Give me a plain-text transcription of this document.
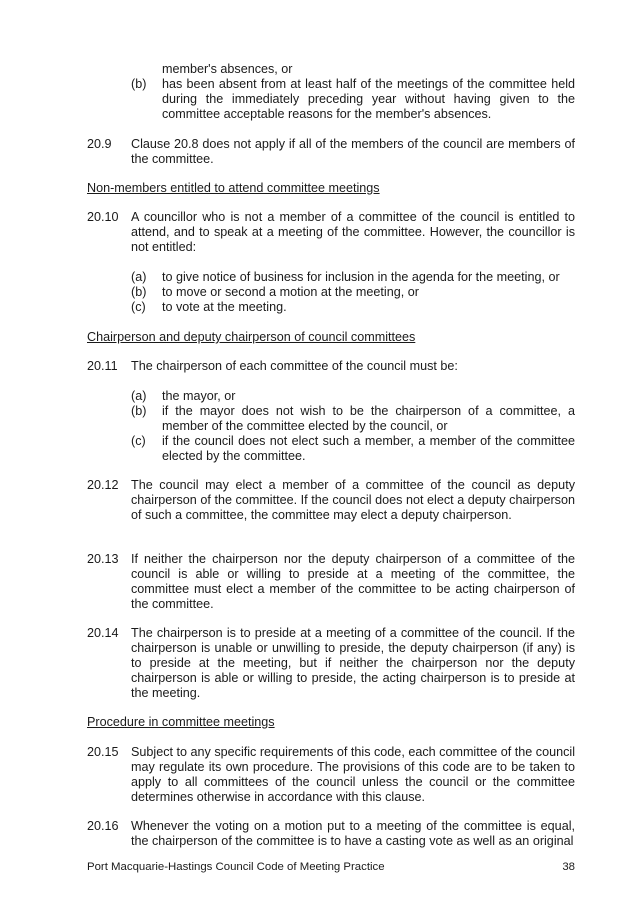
member's absences, or
(b) has been absent from at least half of the meetings of the committee held during the immediately preceding year without having given to the committee acceptable reasons for the member's absences.
20.9 Clause 20.8 does not apply if all of the members of the council are members of the committee.
Non-members entitled to attend committee meetings
20.10 A councillor who is not a member of a committee of the council is entitled to attend, and to speak at a meeting of the committee. However, the councillor is not entitled:
(a) to give notice of business for inclusion in the agenda for the meeting, or
(b) to move or second a motion at the meeting, or
(c) to vote at the meeting.
Chairperson and deputy chairperson of council committees
20.11 The chairperson of each committee of the council must be:
(a) the mayor, or
(b) if the mayor does not wish to be the chairperson of a committee, a member of the committee elected by the council, or
(c) if the council does not elect such a member, a member of the committee elected by the committee.
20.12 The council may elect a member of a committee of the council as deputy chairperson of the committee. If the council does not elect a deputy chairperson of such a committee, the committee may elect a deputy chairperson.
20.13 If neither the chairperson nor the deputy chairperson of a committee of the council is able or willing to preside at a meeting of the committee, the committee must elect a member of the committee to be acting chairperson of the committee.
20.14 The chairperson is to preside at a meeting of a committee of the council. If the chairperson is unable or unwilling to preside, the deputy chairperson (if any) is to preside at the meeting, but if neither the chairperson nor the deputy chairperson is able or willing to preside, the acting chairperson is to preside at the meeting.
Procedure in committee meetings
20.15 Subject to any specific requirements of this code, each committee of the council may regulate its own procedure. The provisions of this code are to be taken to apply to all committees of the council unless the council or the committee determines otherwise in accordance with this clause.
20.16 Whenever the voting on a motion put to a meeting of the committee is equal, the chairperson of the committee is to have a casting vote as well as an original
Port Macquarie-Hastings Council Code of Meeting Practice	38
